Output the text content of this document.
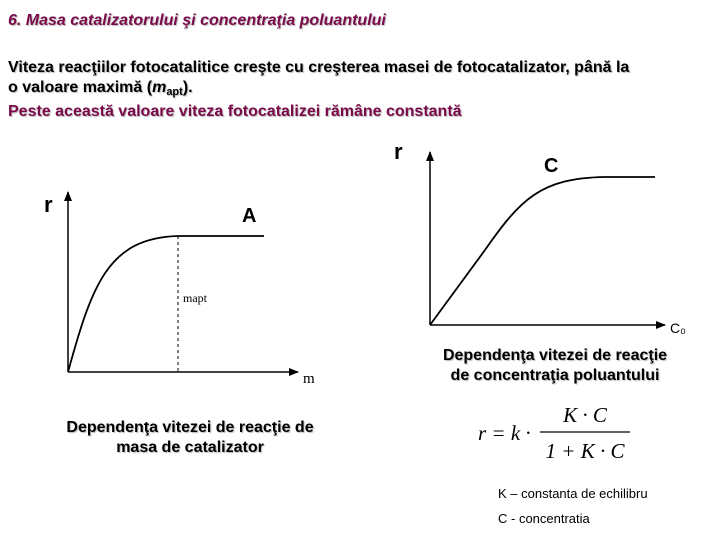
6. Masa catalizatorului şi concentraţia poluantului
Viteza reacţiilor fotocatalitice creşte cu creşterea masei de fotocatalizator, până la
o valoare maximă $(m_{apt})$.
Peste această valoare viteza fotocatalizei rămâne constantă
r	A
m
mapt
r
C
C₀
Dependenţa vitezei de reacţie
de concentraţia poluantului
Dependenţa vitezei de reacţie de
masa de catalizator
r = k ·
K · C
1 + K · C
K – constanta de echilibru
C - concentratia
